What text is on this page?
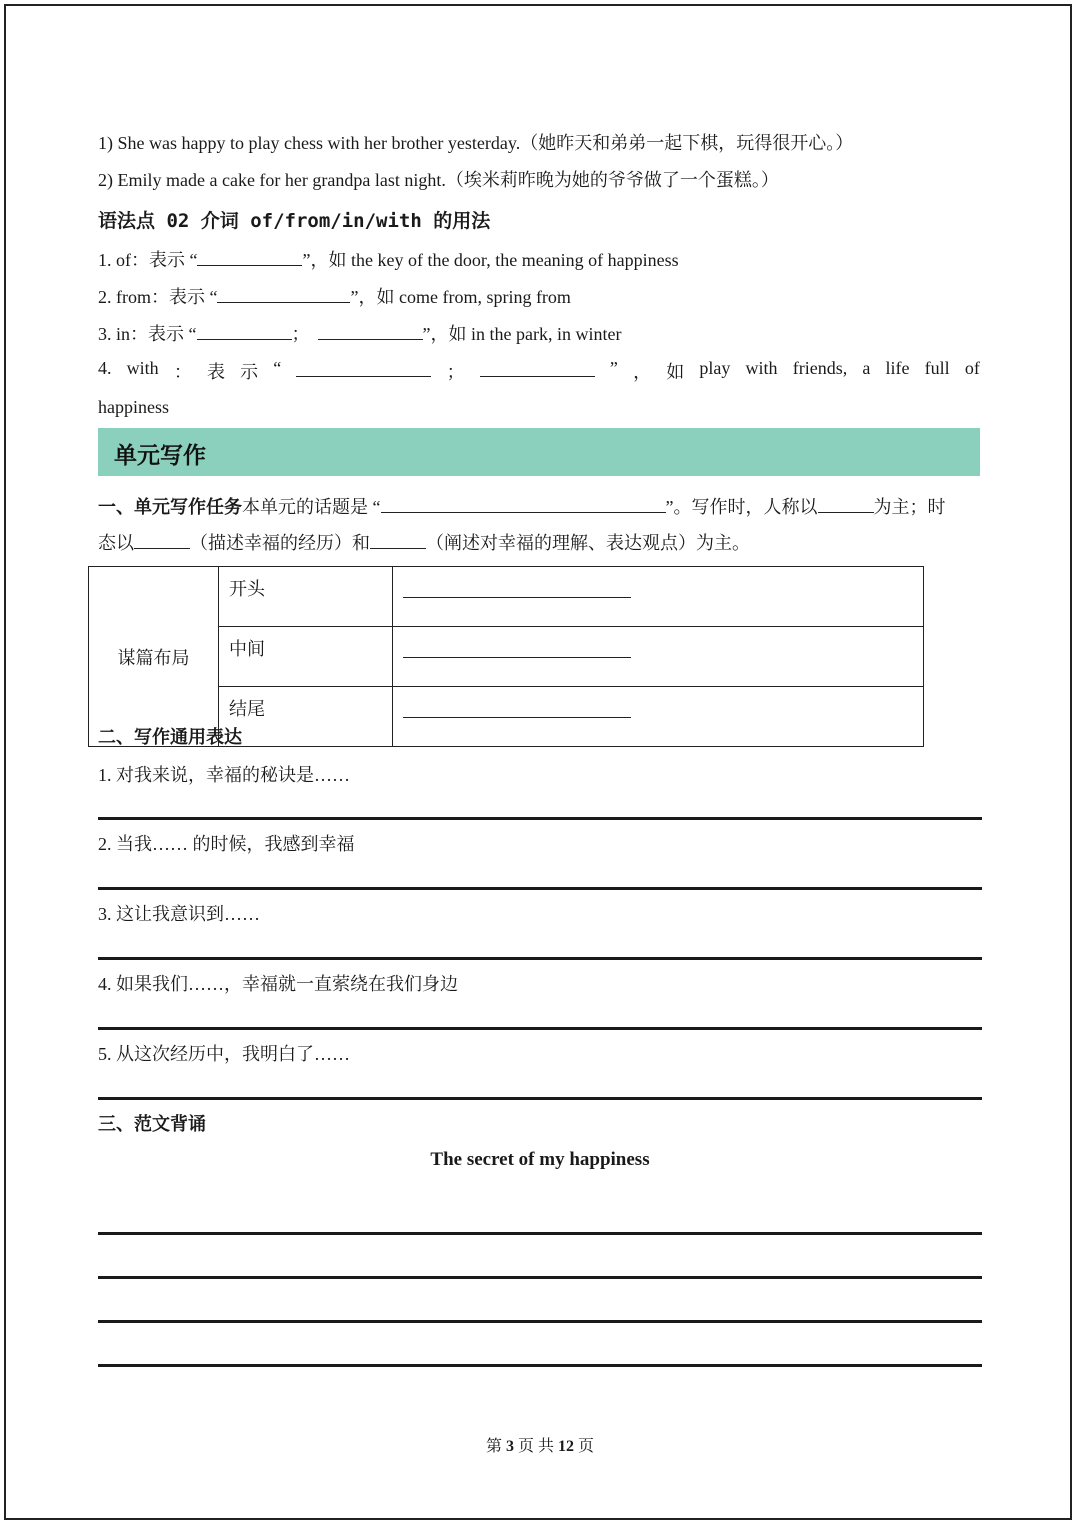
1) She was happy to play chess with her brother yesterday.（她昨天和弟弟一起下棋，玩得很开心。）
2) Emily made a cake for her grandpa last night.（埃米莉昨晚为她的爷爷做了一个蛋糕。）
语法点 02 介词 of/from/in/with 的用法
1. of：表示 “	”，如 the key of the door, the meaning of happiness
2. from：表示 “	”，如 come from, spring from
3. in：表示 “	；	”，如 in the park, in winter
4. with ： 表 示 “	；	” ， 如 play with friends, a life full of
happiness
单元写作
一、单元写作任务本单元的话题是 “	”。写作时，人称以	为主；时
态以	（描述幸福的经历）和	（阐述对幸福的理解、表达观点）为主。
谋篇布局	开头	

	中间	

	结尾	
二、写作通用表达
1. 对我来说，幸福的秘诀是……
2. 当我…… 的时候，我感到幸福
3. 这让我意识到……
4. 如果我们……，幸福就一直萦绕在我们身边
5. 从这次经历中，我明白了……
三、范文背诵
The secret of my happiness
第 3 页 共 12 页
